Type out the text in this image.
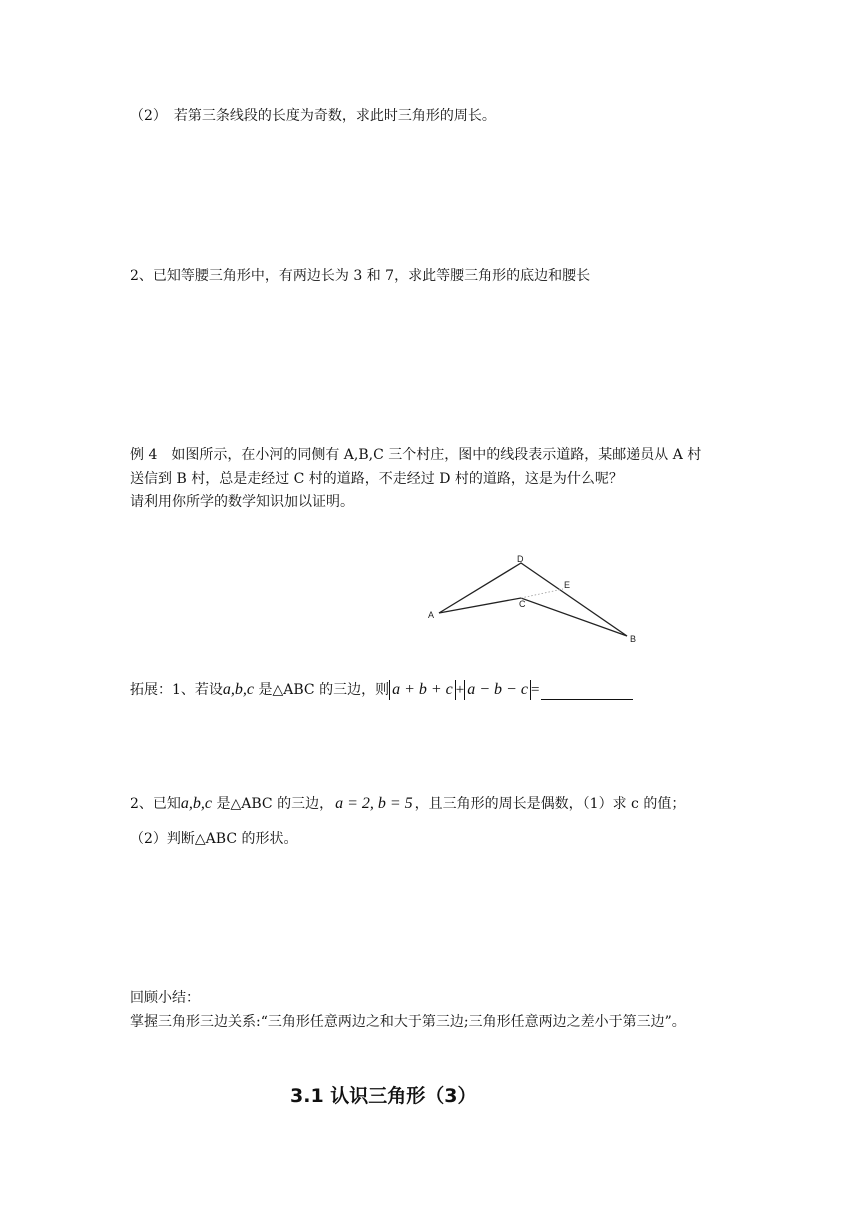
（2）　若第三条线段的长度为奇数，求此时三角形的周长。
2、已知等腰三角形中，有两边长为 3 和 7，求此等腰三角形的底边和腰长
例 4　如图所示，在小河的同侧有 A,B,C 三个村庄，图中的线段表示道路，某邮递员从 A 村
送信到 B 村，总是走经过 C 村的道路，不走经过 D 村的道路，这是为什么呢？
请利用你所学的数学知识加以证明。
D
E
C
A
B
拓展：1、若设a,b,c 是△ABC 的三边，则 a + b + c + a − b − c =
2、已知a,b,c 是△ABC 的三边， a = 2, b = 5 ，且三角形的周长是偶数，（1）求 c 的值；
（2）判断△ABC 的形状。
回顾小结：
掌握三角形三边关系:“三角形任意两边之和大于第三边;三角形任意两边之差小于第三边”。
3.1 认识三角形（3）
